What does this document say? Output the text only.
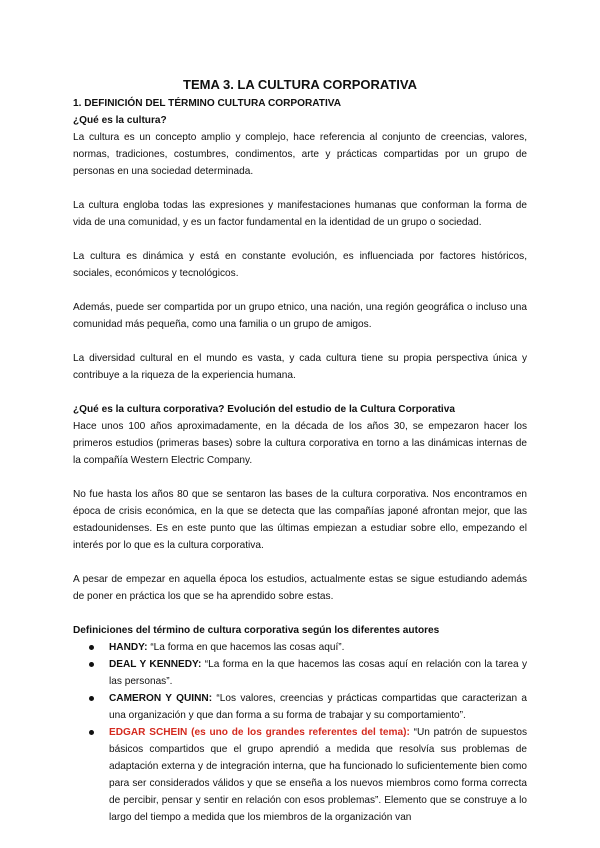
TEMA 3. LA CULTURA CORPORATIVA
1. DEFINICIÓN DEL TÉRMINO CULTURA CORPORATIVA
¿Qué es la cultura?

La cultura es un concepto amplio y complejo, hace referencia al conjunto de creencias, valores, normas, tradiciones, costumbres, condimentos, arte y prácticas compartidas por un grupo de personas en una sociedad determinada.

La cultura engloba todas las expresiones y manifestaciones humanas que conforman la forma de vida de una comunidad, y es un factor fundamental en la identidad de un grupo o sociedad.

La cultura es dinámica y está en constante evolución, es influenciada por factores históricos, sociales, económicos y tecnológicos.

Además, puede ser compartida por un grupo etnico, una nación, una región geográfica o incluso una comunidad más pequeña, como una familia o un grupo de amigos.

La diversidad cultural en el mundo es vasta, y cada cultura tiene su propia perspectiva única y contribuye a la riqueza de la experiencia humana.

¿Qué es la cultura corporativa? Evolución del estudio de la Cultura Corporativa

Hace unos 100 años aproximadamente, en la década de los años 30, se empezaron hacer los primeros estudios (primeras bases) sobre la cultura corporativa en torno a las dinámicas internas de la compañía Western Electric Company.

No fue hasta los años 80 que se sentaron las bases de la cultura corporativa. Nos encontramos en época de crisis económica, en la que se detecta que las compañías japoné afrontan mejor, que las estadounidenses. Es en este punto que las últimas empiezan a estudiar sobre ello, empezando el interés por lo que es la cultura corporativa.

A pesar de empezar en aquella época los estudios, actualmente estas se sigue estudiando además de poner en práctica los que se ha aprendido sobre estas.

Definiciones del término de cultura corporativa según los diferentes autores
HANDY: “La forma en que hacemos las cosas aquí”.
DEAL Y KENNEDY: “La forma en la que hacemos las cosas aquí en relación con la tarea y las personas”.
CAMERON Y QUINN: “Los valores, creencias y prácticas compartidas que caracterizan a una organización y que dan forma a su forma de trabajar y su comportamiento”.
EDGAR SCHEIN (es uno de los grandes referentes del tema): “Un patrón de supuestos básicos compartidos que el grupo aprendió a medida que resolvía sus problemas de adaptación externa y de integración interna, que ha funcionado lo suficientemente bien como para ser considerados válidos y que se enseña a los nuevos miembros como forma correcta de percibir, pensar y sentir en relación con esos problemas”. Elemento que se construye a lo largo del tiempo a medida que los miembros de la organización van
